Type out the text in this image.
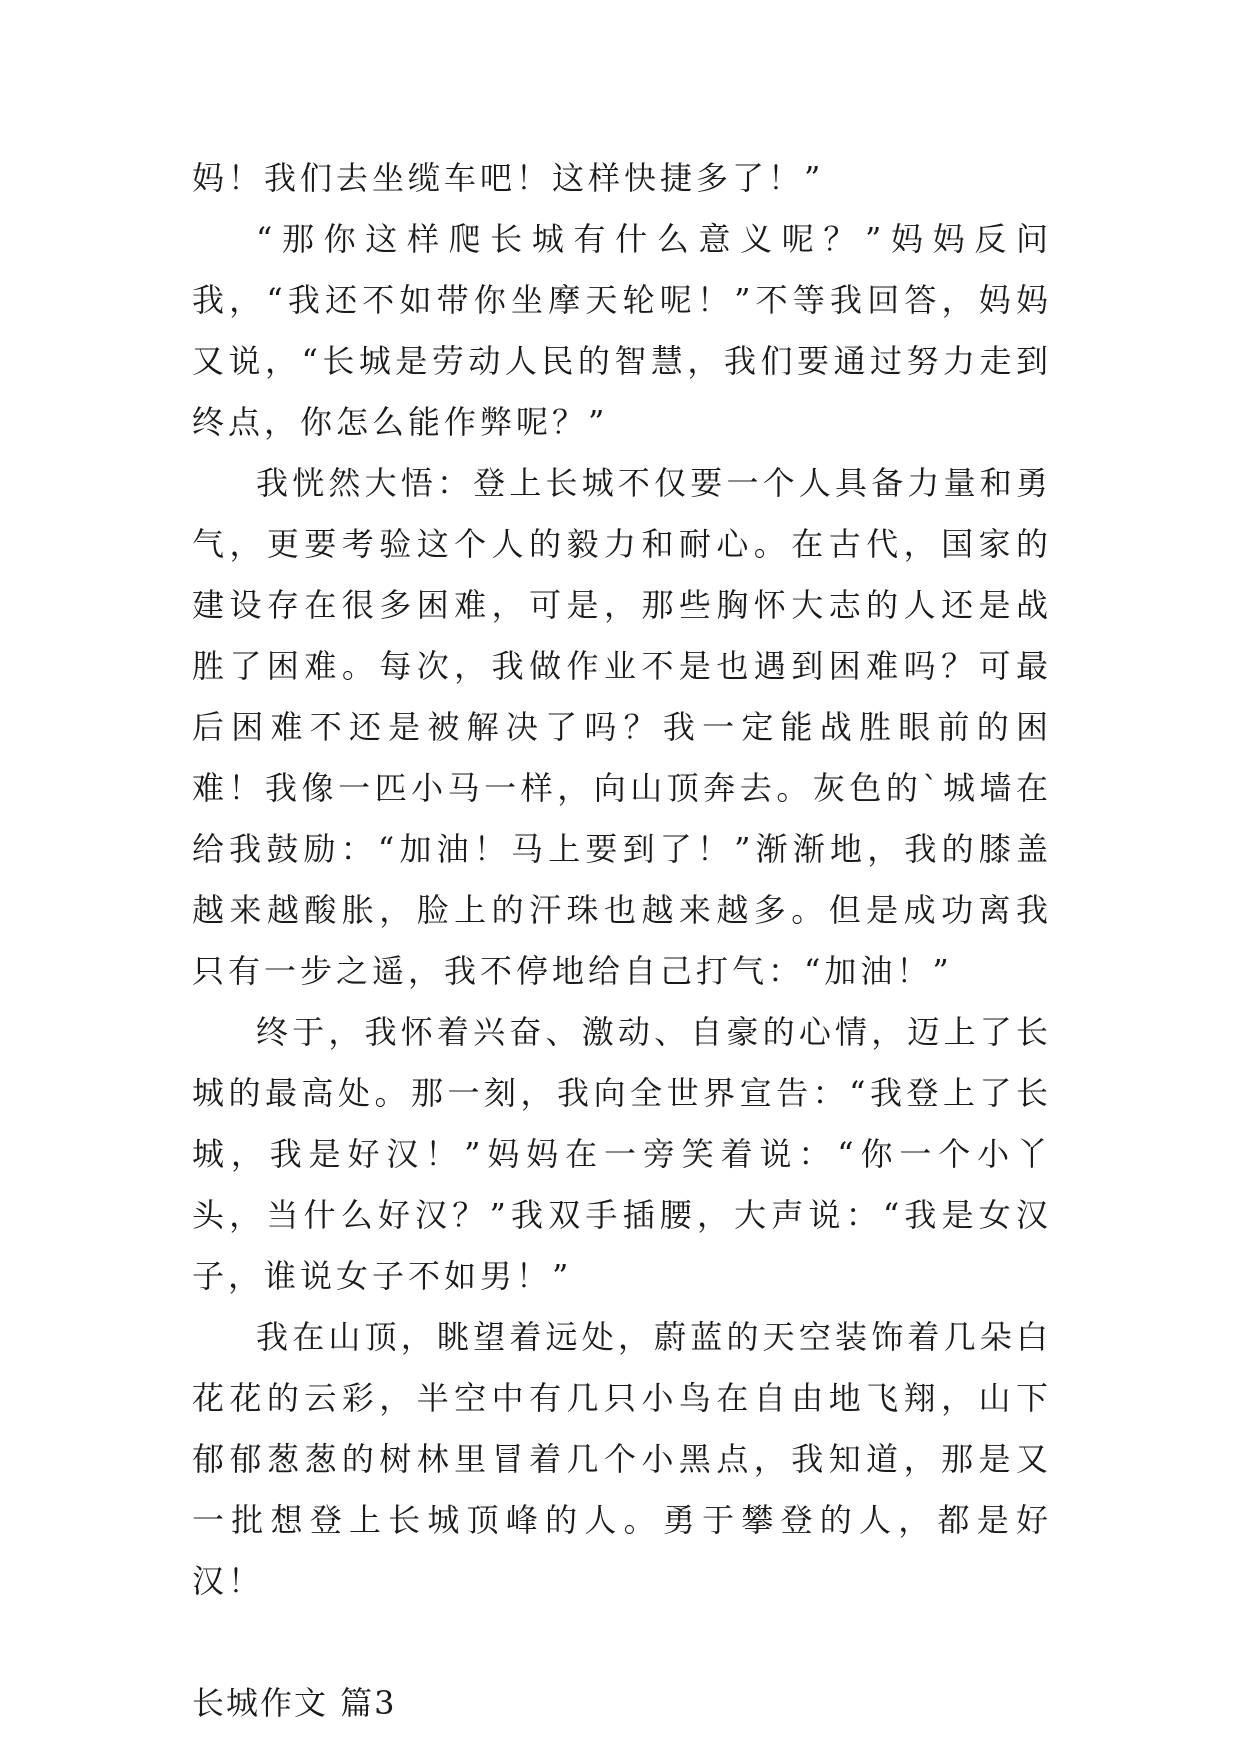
妈！我们去坐缆车吧！这样快捷多了！”

“那你这样爬长城有什么意义呢？”妈妈反问我，“我还不如带你坐摩天轮呢！”不等我回答，妈妈又说，“长城是劳动人民的智慧，我们要通过努力走到终点，你怎么能作弊呢？”

我恍然大悟：登上长城不仅要一个人具备力量和勇气，更要考验这个人的毅力和耐心。在古代，国家的建设存在很多困难，可是，那些胸怀大志的人还是战胜了困难。每次，我做作业不是也遇到困难吗？可最后困难不还是被解决了吗？我一定能战胜眼前的困难！我像一匹小马一样，向山顶奔去。灰色的`城墙在给我鼓励：“加油！马上要到了！”渐渐地，我的膝盖越来越酸胀，脸上的汗珠也越来越多。但是成功离我只有一步之遥，我不停地给自己打气：“加油！”

终于，我怀着兴奋、激动、自豪的心情，迈上了长城的最高处。那一刻，我向全世界宣告：“我登上了长城，我是好汉！”妈妈在一旁笑着说：“你一个小丫头，当什么好汉？”我双手插腰，大声说：“我是女汉子，谁说女子不如男！”

我在山顶，眺望着远处，蔚蓝的天空装饰着几朵白花花的云彩，半空中有几只小鸟在自由地飞翔，山下郁郁葱葱的树林里冒着几个小黑点，我知道，那是又一批想登上长城顶峰的人。勇于攀登的人，都是好汉！

长城作文 篇3
